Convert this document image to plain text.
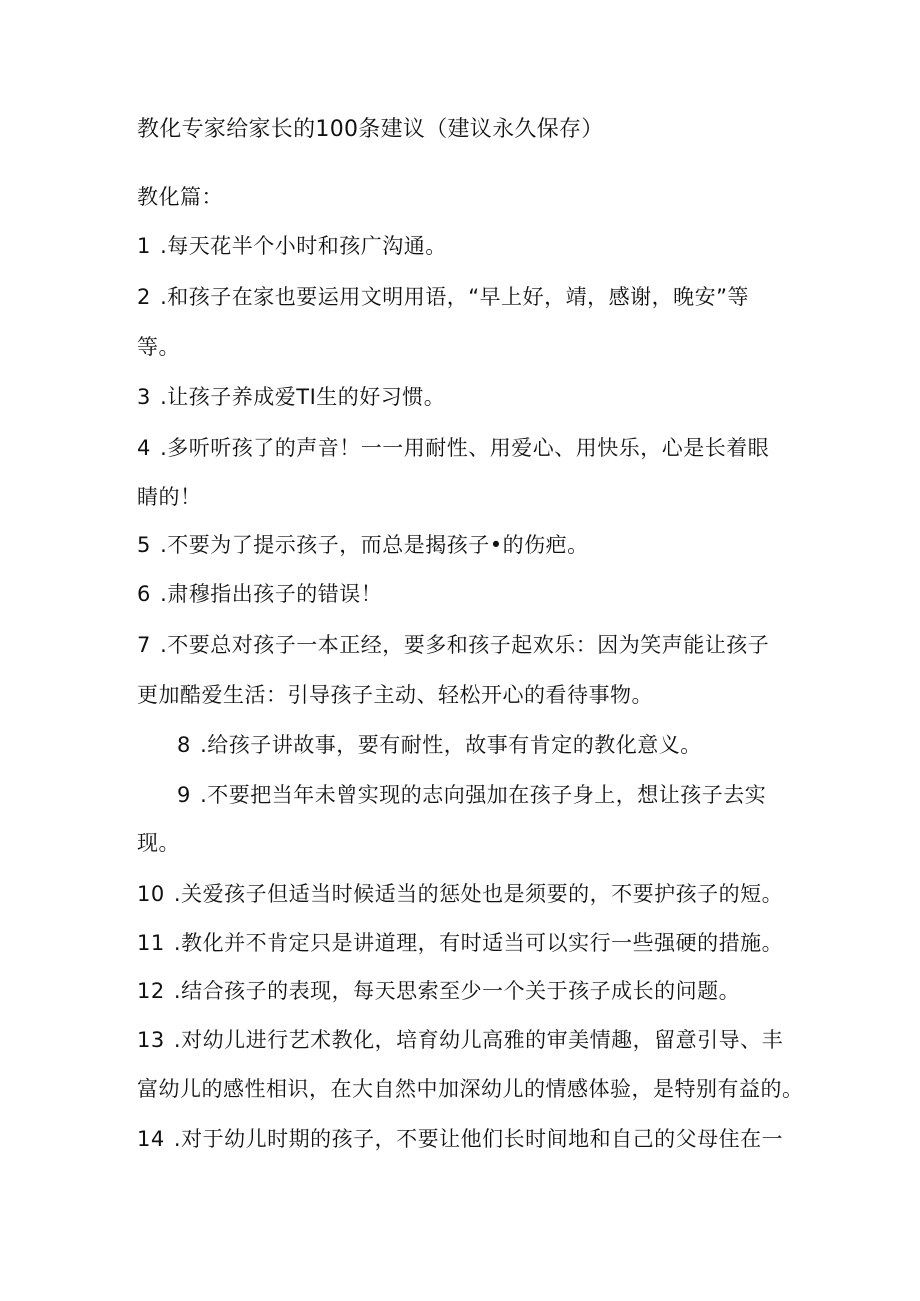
教化专家给家长的100条建议（建议永久保存）
教化篇：
1 .每天花半个小时和孩广沟通。
2 .和孩子在家也要运用文明用语，“早上好，靖，感谢，晚安”等
等。
3 .让孩子养成爱TI生的好习惯。
4 .多听听孩了的声音！一一用耐性、用爱心、用快乐，心是长着眼
睛的！
5 .不要为了提示孩子，而总是揭孩子•的伤疤。
6 .肃穆指出孩子的错误！
7 .不要总对孩子一本正经，要多和孩子起欢乐：因为笑声能让孩子
更加酷爱生活：引导孩子主动、轻松开心的看待事物。
8 .给孩子讲故事，要有耐性，故事有肯定的教化意义。
9 .不要把当年未曾实现的志向强加在孩子身上，想让孩子去实
现。
10 .关爱孩子但适当时候适当的惩处也是须要的，不要护孩子的短。
11 .教化并不肯定只是讲道理，有时适当可以实行一些强硬的措施。
12 .结合孩子的表现，每天思索至少一个关于孩子成长的问题。
13 .对幼儿进行艺术教化，培育幼儿高雅的审美情趣，留意引导、丰
富幼儿的感性相识，在大自然中加深幼儿的情感体验，是特别有益的。
14 .对于幼儿时期的孩子，不要让他们长时间地和自己的父母住在一
